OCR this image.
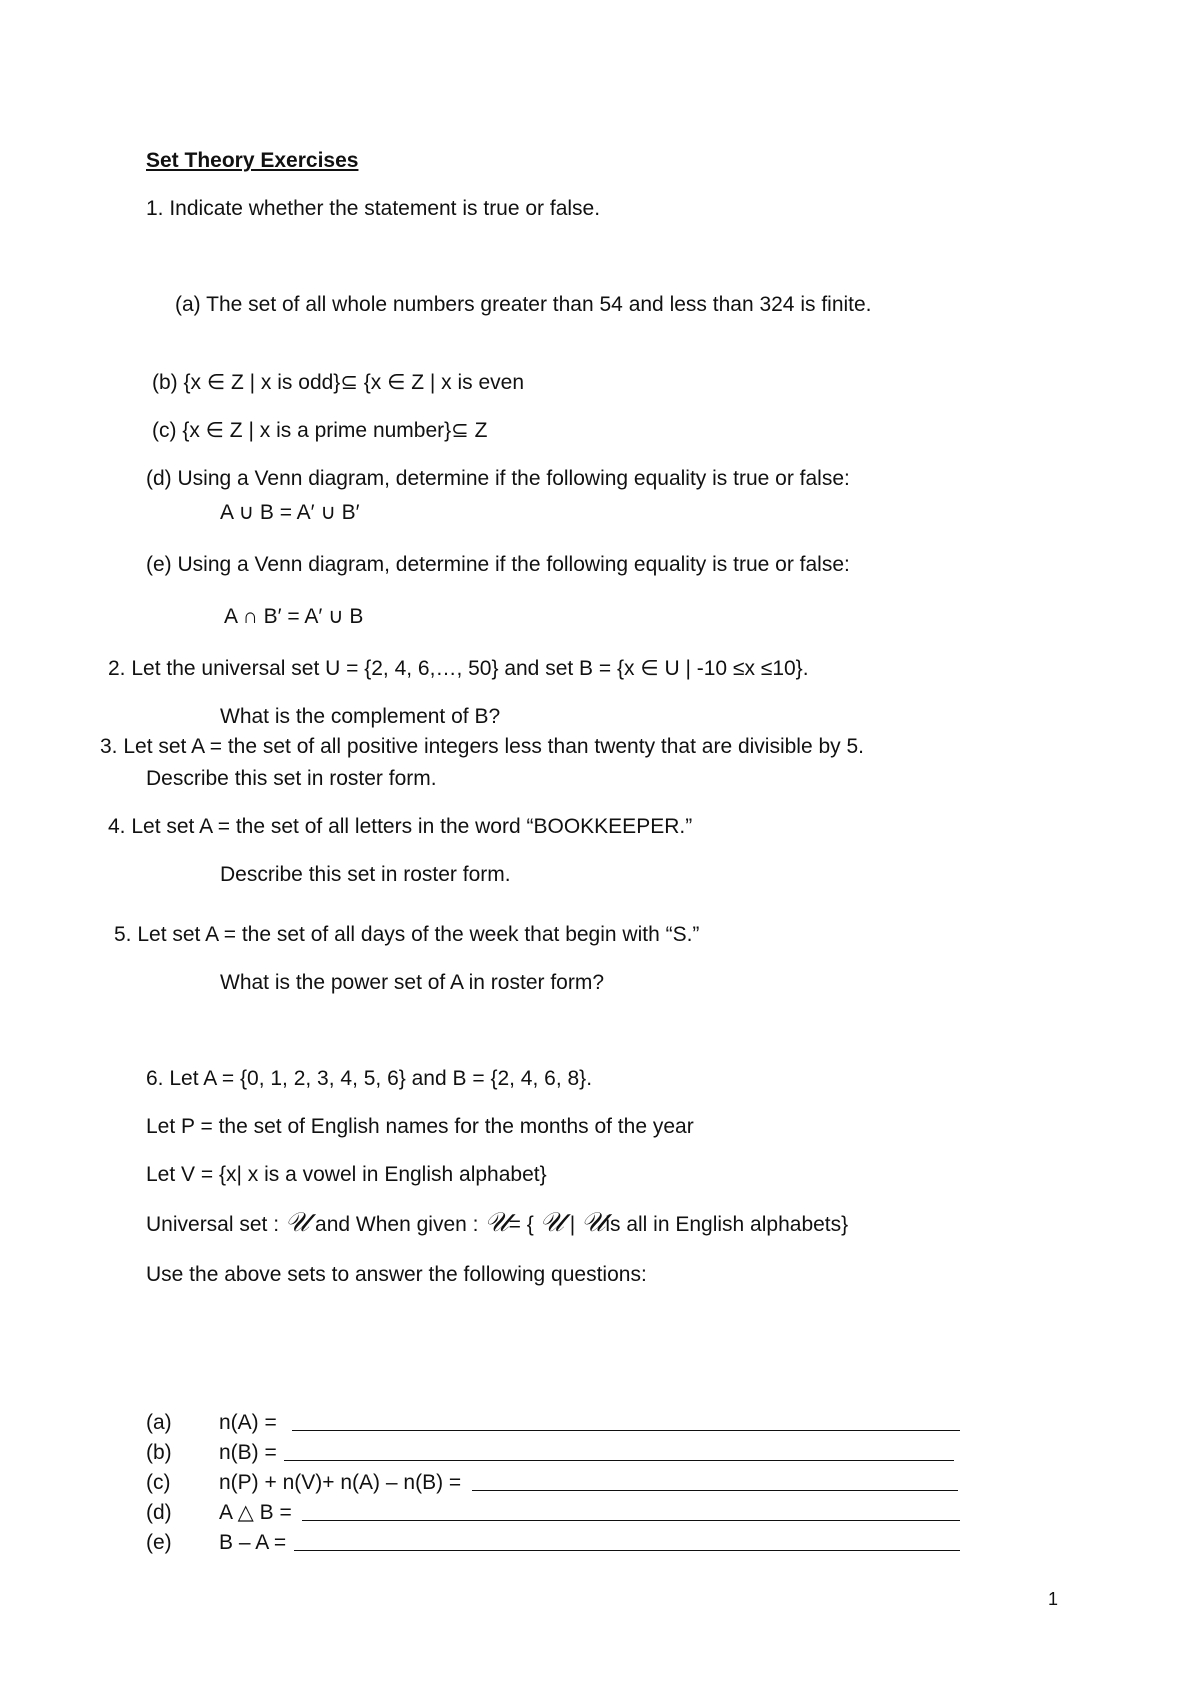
Set Theory Exercises
1. Indicate whether the statement is true or false.
(a) The set of all whole numbers greater than 54 and less than 324 is finite.
(b) {x ∈ Z | x is odd}⊆ {x ∈ Z | x is even
(c) {x ∈ Z | x is a prime number}⊆ Z
(d) Using a Venn diagram, determine if the following equality is true or false:
A ∪ B = A′ ∪ B′
(e) Using a Venn diagram, determine if the following equality is true or false:
A ∩ B′ = A′ ∪ B
2. Let the universal set U = {2, 4, 6,…, 50} and set B = {x ∈ U | -10 ≤x ≤10}.
What is the complement of B?
3. Let set A = the set of all positive integers less than twenty that are divisible by 5.
Describe this set in roster form.
4. Let set A = the set of all letters in the word “BOOKKEEPER.”
Describe this set in roster form.
5. Let set A = the set of all days of the week that begin with “S.”
What is the power set of A in roster form?
6. Let A = {0, 1, 2, 3, 4, 5, 6} and B = {2, 4, 6, 8}.
Let P = the set of English names for the months of the year
Let V = {x| x is a vowel in English alphabet}
Universal set : 𝒰 and When given : 𝒰= { 𝒰 | 𝒰is all in English alphabets}
Use the above sets to answer the following questions:
(a) n(A) =
(b) n(B) =
(c) n(P) + n(V)+ n(A) – n(B) =
(d) A △ B =
(e) B – A =
1
